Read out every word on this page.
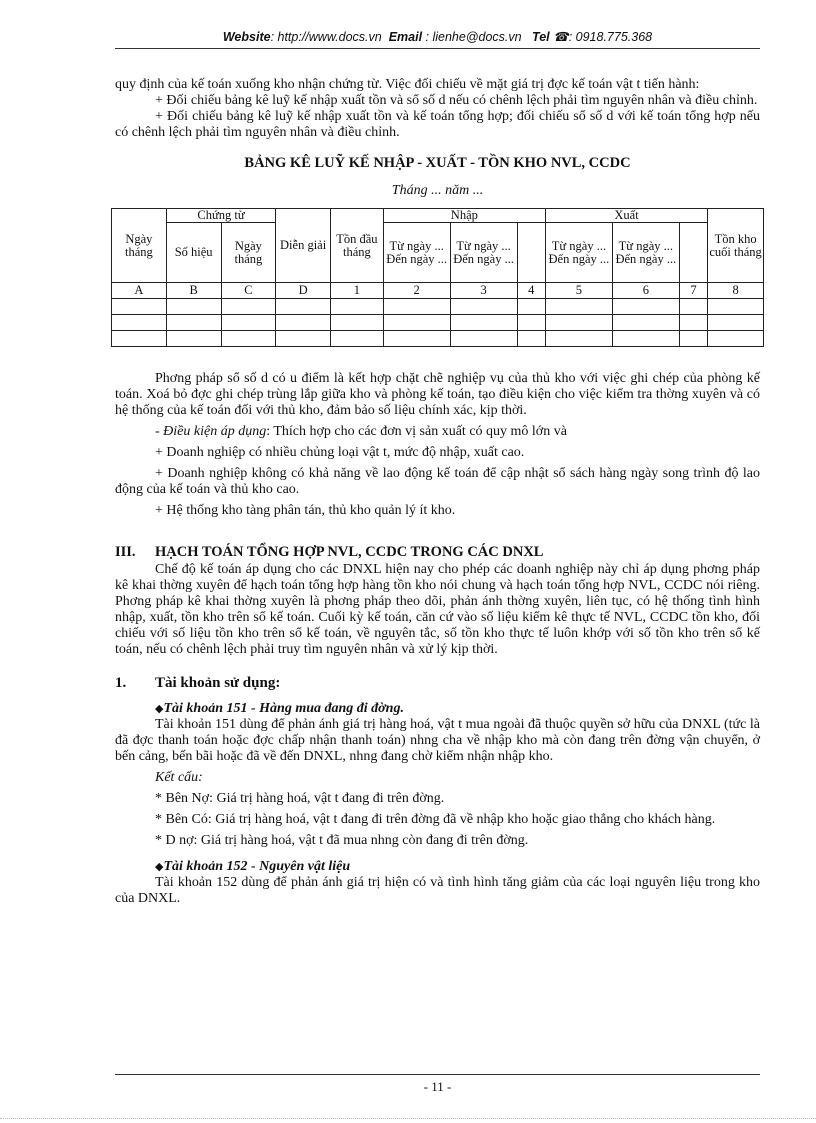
Website: http://www.docs.vn Email : lienhe@docs.vn Tel ☎: 0918.775.368

quy định của kế toán xuống kho nhận chứng từ. Việc đối chiếu về mặt giá trị đợc kế toán vật t tiến hành:

+ Đối chiếu bảng kê luỹ kế nhập xuất tồn và sổ số d nếu có chênh lệch phải tìm nguyên nhân và điều chỉnh.

+ Đối chiếu bảng kê luỹ kế nhập xuất tồn và kế toán tổng hợp; đối chiếu sổ số d với kế toán tổng hợp nếu có chênh lệch phải tìm nguyên nhân và điều chỉnh.

BẢNG KÊ LUỸ KẾ NHẬP - XUẤT - TỒN KHO NVL, CCDC
Tháng ... năm ...
Ngày tháng	Chứng từ		Diễn giải	Tồn đầu tháng	Nhập			Xuất			Tồn kho cuối tháng
	Số hiệu	Ngày tháng			Từ ngày ... Đến ngày ...	Từ ngày ... Đến ngày ...		Từ ngày ... Đến ngày ...	Từ ngày ... Đến ngày ...		
A	B	C	D	1	2	3	4	5	6	7	8

Phơng pháp sổ số d có u điểm là kết hợp chặt chẽ nghiệp vụ của thủ kho với việc ghi chép của phòng kế toán. Xoá bỏ đợc ghi chép trùng lắp giữa kho và phòng kế toán, tạo điều kiện cho việc kiểm tra thờng xuyên và có hệ thống của kế toán đối với thủ kho, đảm bảo số liệu chính xác, kịp thời.

- Điều kiện áp dụng: Thích hợp cho các đơn vị sản xuất có quy mô lớn và

+ Doanh nghiệp có nhiều chủng loại vật t, mức độ nhập, xuất cao.

+ Doanh nghiệp không có khả năng về lao động kế toán để cập nhật sổ sách hàng ngày song trình độ lao động của kế toán và thủ kho cao.

+ Hệ thống kho tàng phân tán, thủ kho quản lý ít kho.

III. HẠCH TOÁN TỔNG HỢP NVL, CCDC TRONG CÁC DNXL

Chế độ kế toán áp dụng cho các DNXL hiện nay cho phép các doanh nghiệp này chỉ áp dụng phơng pháp kê khai thờng xuyên để hạch toán tổng hợp hàng tồn kho nói chung và hạch toán tổng hợp NVL, CCDC nói riêng. Phơng pháp kê khai thờng xuyên là phơng pháp theo dõi, phản ánh thờng xuyên, liên tục, có hệ thống tình hình nhập, xuất, tồn kho trên sổ kế toán. Cuối kỳ kế toán, căn cứ vào số liệu kiểm kê thực tế NVL, CCDC tồn kho, đối chiếu với số liệu tồn kho trên sổ kế toán, về nguyên tắc, số tồn kho thực tế luôn khớp với số tồn kho trên sổ kế toán, nếu có chênh lệch phải truy tìm nguyên nhân và xử lý kịp thời.

1. Tài khoản sử dụng:
◆Tài khoản 151 - Hàng mua đang đi đờng.

Tài khoản 151 dùng để phản ánh giá trị hàng hoá, vật t mua ngoài đã thuộc quyền sở hữu của DNXL (tức là đã đợc thanh toán hoặc đợc chấp nhận thanh toán) nhng cha về nhập kho mà còn đang trên đờng vận chuyển, ở bến cảng, bến bãi hoặc đã về đến DNXL, nhng đang chờ kiểm nhận nhập kho.

Kết cấu:

* Bên Nợ: Giá trị hàng hoá, vật t đang đi trên đờng.

* Bên Có: Giá trị hàng hoá, vật t đang đi trên đờng đã về nhập kho hoặc giao thẳng cho khách hàng.

* D nợ: Giá trị hàng hoá, vật t đã mua nhng còn đang đi trên đờng.

◆Tài khoản 152 - Nguyên vật liệu

Tài khoản 152 dùng để phản ánh giá trị hiện có và tình hình tăng giảm của các loại nguyên liệu trong kho của DNXL.

- 11 -
